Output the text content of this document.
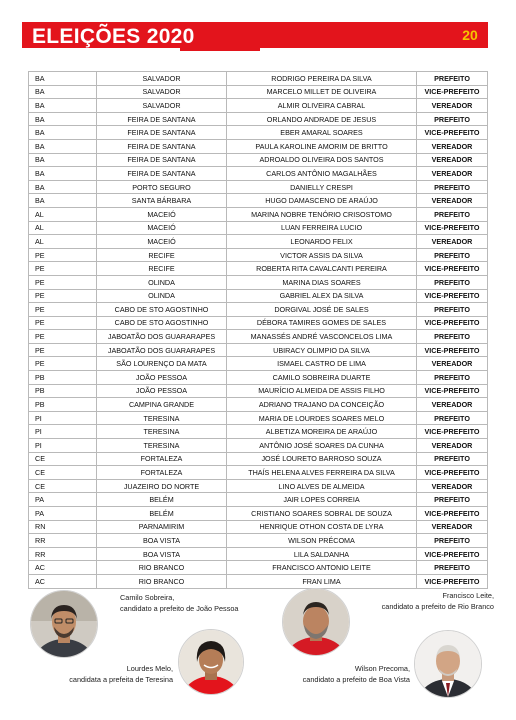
ELEIÇÕES 2020	20
BA	SALVADOR	RODRIGO PEREIRA DA SILVA	PREFEITO
BA	SALVADOR	MARCELO MILLET DE OLIVEIRA	VICE-PREFEITO
BA	SALVADOR	ALMIR OLIVEIRA CABRAL	VEREADOR
BA	FEIRA DE SANTANA	ORLANDO ANDRADE DE JESUS	PREFEITO
BA	FEIRA DE SANTANA	EBER AMARAL SOARES	VICE-PREFEITO
BA	FEIRA DE SANTANA	PAULA KAROLINE AMORIM DE BRITTO	VEREADOR
BA	FEIRA DE SANTANA	ADROALDO OLIVEIRA DOS SANTOS	VEREADOR
BA	FEIRA DE SANTANA	CARLOS ANTÔNIO MAGALHÃES	VEREADOR
BA	PORTO SEGURO	DANIELLY CRESPI	PREFEITO
BA	SANTA BÁRBARA	HUGO DAMASCENO DE ARAÚJO	VEREADOR
AL	MACEIÓ	MARINA NOBRE TENÓRIO CRISOSTOMO	PREFEITO
AL	MACEIÓ	LUAN FERREIRA LUCIO	VICE-PREFEITO
AL	MACEIÓ	LEONARDO FELIX	VEREADOR
PE	RECIFE	VICTOR ASSIS DA SILVA	PREFEITO
PE	RECIFE	ROBERTA RITA CAVALCANTI PEREIRA	VICE-PREFEITO
PE	OLINDA	MARINA DIAS SOARES	PREFEITO
PE	OLINDA	GABRIEL ALEX DA SILVA	VICE-PREFEITO
PE	CABO DE STO AGOSTINHO	DORGIVAL JOSÉ DE SALES	PREFEITO
PE	CABO DE STO AGOSTINHO	DÉBORA TAMIRES GOMES DE SALES	VICE-PREFEITO
PE	JABOATÃO DOS GUARARAPES	MANASSÉS ANDRÉ VASCONCELOS LIMA	PREFEITO
PE	JABOATÃO DOS GUARARAPES	UBIRACY OLIMPIO DA SILVA	VICE-PREFEITO
PE	SÃO LOURENÇO DA MATA	ISMAEL CASTRO DE LIMA	VEREADOR
PB	JOÃO PESSOA	CAMILO SOBREIRA DUARTE	PREFEITO
PB	JOÃO PESSOA	MAURÍCIO ALMEIDA DE ASSIS FILHO	VICE-PREFEITO
PB	CAMPINA GRANDE	ADRIANO TRAJANO DA CONCEIÇÃO	VEREADOR
PI	TERESINA	MARIA DE LOURDES SOARES MELO	PREFEITO
PI	TERESINA	ALBETIZA MOREIRA DE ARAÚJO	VICE-PREFEITO
PI	TERESINA	ANTÔNIO JOSÉ SOARES DA CUNHA	VEREADOR
CE	FORTALEZA	JOSÉ LOURETO BARROSO SOUZA	PREFEITO
CE	FORTALEZA	THAÍS HELENA ALVES FERREIRA DA SILVA	VICE-PREFEITO
CE	JUAZEIRO DO NORTE	LINO ALVES DE ALMEIDA	VEREADOR
PA	BELÉM	JAIR LOPES CORREIA	PREFEITO
PA	BELÉM	CRISTIANO SOARES SOBRAL DE SOUZA	VICE-PREFEITO
RN	PARNAMIRIM	HENRIQUE OTHON COSTA DE LYRA	VEREADOR
RR	BOA VISTA	WILSON PRÉCOMA	PREFEITO
RR	BOA VISTA	LILA SALDANHA	VICE-PREFEITO
AC	RIO BRANCO	FRANCISCO ANTONIO LEITE	PREFEITO
AC	RIO BRANCO	FRAN LIMA	VICE-PREFEITO
Camilo Sobreira,
candidato a prefeito de João Pessoa
Francisco Leite,
candidato a prefeito de Rio Branco
Lourdes Melo,
candidata a prefeita de Teresina
Wilson Precoma,
candidato a prefeito de Boa Vista
